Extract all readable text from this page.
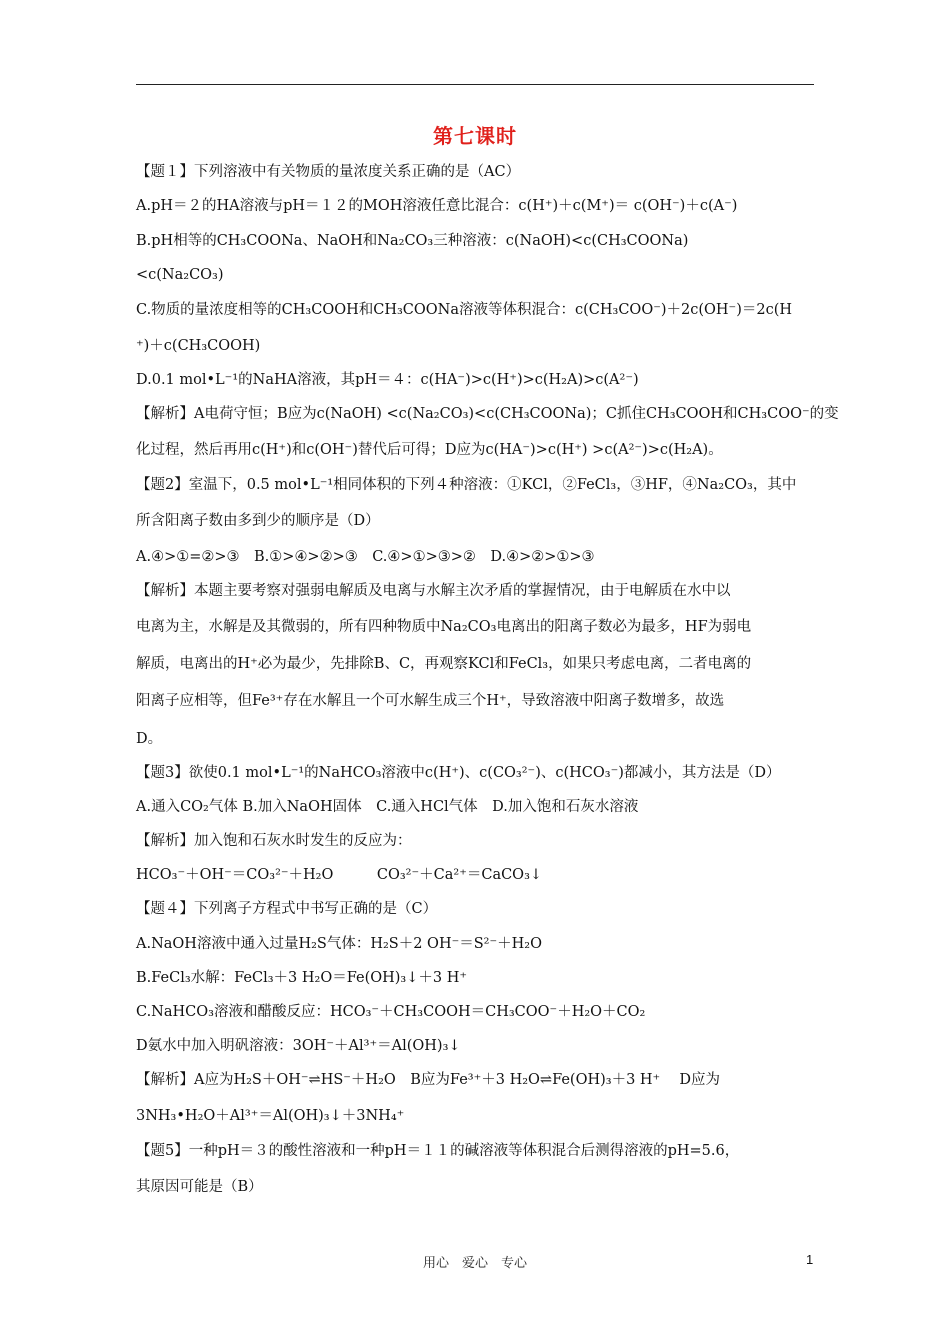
第七课时
【题１】下列溶液中有关物质的量浓度关系正确的是（AC）
A.pH＝２的HA溶液与pH＝１２的MOH溶液任意比混合：c(H⁺)＋c(M⁺)＝ c(OH⁻)＋c(A⁻)
B.pH相等的CH₃COONa、NaOH和Na₂CO₃三种溶液：c(NaOH)<c(CH₃COONa)
<c(Na₂CO₃)
C.物质的量浓度相等的CH₃COOH和CH₃COONa溶液等体积混合：c(CH₃COO⁻)＋2c(OH⁻)＝2c(H
⁺)＋c(CH₃COOH)
D.0.1 mol•L⁻¹的NaHA溶液，其pH＝４：c(HA⁻)>c(H⁺)>c(H₂A)>c(A²⁻)
【解析】A电荷守恒；B应为c(NaOH) <c(Na₂CO₃)<c(CH₃COONa)；C抓住CH₃COOH和CH₃COO⁻的变
化过程，然后再用c(H⁺)和c(OH⁻)替代后可得；D应为c(HA⁻)>c(H⁺) >c(A²⁻)>c(H₂A)。
【题2】室温下，0.5 mol•L⁻¹相同体积的下列４种溶液：①KCl，②FeCl₃，③HF，④Na₂CO₃，其中
所含阳离子数由多到少的顺序是（D）
A.④>①=②>③　B.①>④>②>③　C.④>①>③>②　D.④>②>①>③
【解析】本题主要考察对强弱电解质及电离与水解主次矛盾的掌握情况，由于电解质在水中以
电离为主，水解是及其微弱的，所有四种物质中Na₂CO₃电离出的阳离子数必为最多，HF为弱电
解质，电离出的H⁺必为最少，先排除B、C，再观察KCl和FeCl₃，如果只考虑电离，二者电离的
阳离子应相等，但Fe³⁺存在水解且一个可水解生成三个H⁺，导致溶液中阳离子数增多，故选
D。
【题3】欲使0.1 mol•L⁻¹的NaHCO₃溶液中c(H⁺)、c(CO₃²⁻)、c(HCO₃⁻)都减小，其方法是（D）
A.通入CO₂气体 B.加入NaOH固体　C.通入HCl气体　D.加入饱和石灰水溶液
【解析】加入饱和石灰水时发生的反应为：
HCO₃⁻＋OH⁻＝CO₃²⁻＋H₂O　　　CO₃²⁻＋Ca²⁺＝CaCO₃↓
【题４】下列离子方程式中书写正确的是（C）
A.NaOH溶液中通入过量H₂S气体：H₂S＋2 OH⁻＝S²⁻＋H₂O
B.FeCl₃水解：FeCl₃＋3 H₂O＝Fe(OH)₃↓＋3 H⁺
C.NaHCO₃溶液和醋酸反应：HCO₃⁻＋CH₃COOH＝CH₃COO⁻＋H₂O＋CO₂
D氨水中加入明矾溶液：3OH⁻＋Al³⁺＝Al(OH)₃↓
【解析】A应为H₂S＋OH⁻⇌HS⁻＋H₂O　B应为Fe³⁺＋3 H₂O⇌Fe(OH)₃＋3 H⁺　 D应为
3NH₃•H₂O＋Al³⁺＝Al(OH)₃↓＋3NH₄⁺
【题5】一种pH＝３的酸性溶液和一种pH＝１１的碱溶液等体积混合后测得溶液的pH=5.6，
其原因可能是（B）
用心　爱心　专心	1
